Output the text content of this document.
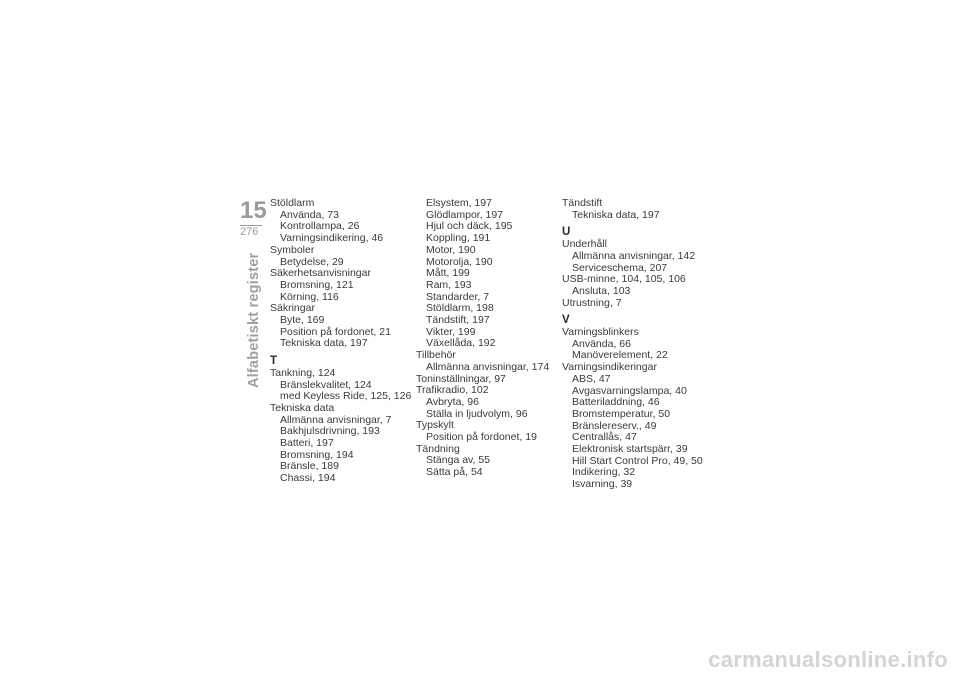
15
276
Alfabetiskt register
Stöldlarm
Använda, 73
Kontrollampa, 26
Varningsindikering, 46
Symboler
Betydelse, 29
Säkerhetsanvisningar
Bromsning, 121
Körning, 116
Säkringar
Byte, 169
Position på fordonet, 21
Tekniska data, 197
T
Tankning, 124
Bränslekvalitet, 124
med Keyless Ride, 125, 126
Tekniska data
Allmänna anvisningar, 7
Bakhjulsdrivning, 193
Batteri, 197
Bromsning, 194
Bränsle, 189
Chassi, 194
Elsystem, 197
Glödlampor, 197
Hjul och däck, 195
Koppling, 191
Motor, 190
Motorolja, 190
Mått, 199
Ram, 193
Standarder, 7
Stöldlarm, 198
Tändstift, 197
Vikter, 199
Växellåda, 192
Tillbehör
Allmänna anvisningar, 174
Toninställningar, 97
Trafikradio, 102
Avbryta, 96
Ställa in ljudvolym, 96
Typskylt
Position på fordonet, 19
Tändning
Stänga av, 55
Sätta på, 54
Tändstift
Tekniska data, 197
U
Underhåll
Allmänna anvisningar, 142
Serviceschema, 207
USB-minne, 104, 105, 106
Ansluta, 103
Utrustning, 7
V
Varningsblinkers
Använda, 66
Manöverelement, 22
Varningsindikeringar
ABS, 47
Avgasvarningslampa, 40
Batteriladdning, 46
Bromstemperatur, 50
Bränslereserv., 49
Centrallås, 47
Elektronisk startspärr, 39
Hill Start Control Pro, 49, 50
Indikering, 32
Isvarning, 39
carmanualsonline.info
